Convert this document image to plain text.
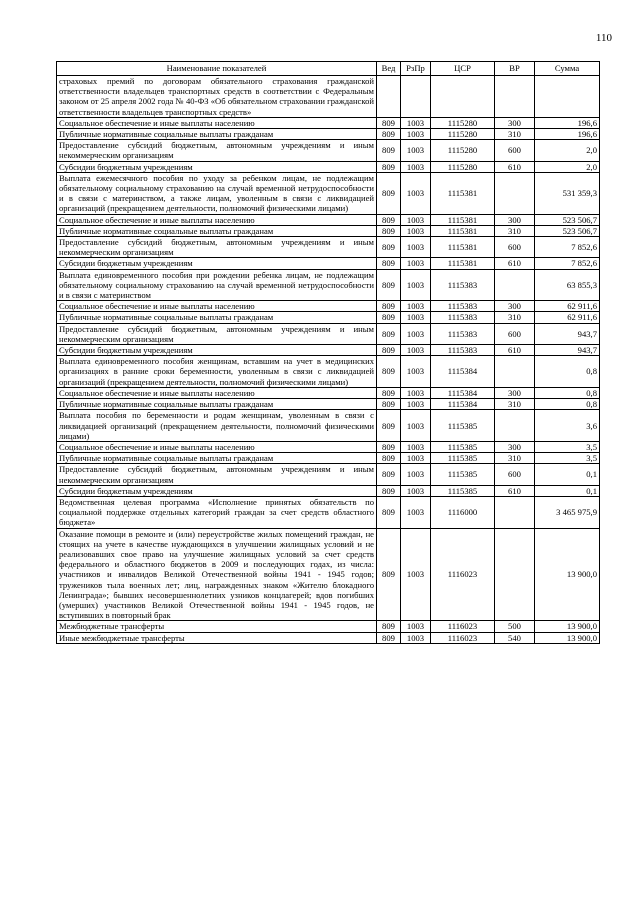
110
Наименование показателей	Вед	РзПр	ЦСР	ВР	Сумма
страховых премий по договорам обязательного страхования гражданской ответственности владельцев транспортных средств в соответствии с Федеральным законом от 25 апреля 2002 года № 40-ФЗ «Об обязательном страховании гражданской ответственности владельцев транспортных средств»					
Социальное обеспечение и иные выплаты населению	809	1003	1115280	300	196,6
Публичные нормативные социальные выплаты гражданам	809	1003	1115280	310	196,6
Предоставление субсидий бюджетным, автономным учреждениям и иным некоммерческим организациям	809	1003	1115280	600	2,0
Субсидии бюджетным учреждениям	809	1003	1115280	610	2,0
Выплата ежемесячного пособия по уходу за ребенком лицам, не подлежащим обязательному социальному страхованию на случай временной нетрудоспособности и в связи с материнством, а также лицам, уволенным в связи с ликвидацией организаций (прекращением деятельности, полномочий физическими лицами)	809	1003	1115381		531 359,3
Социальное обеспечение и иные выплаты населению	809	1003	1115381	300	523 506,7
Публичные нормативные социальные выплаты гражданам	809	1003	1115381	310	523 506,7
Предоставление субсидий бюджетным, автономным учреждениям и иным некоммерческим организациям	809	1003	1115381	600	7 852,6
Субсидии бюджетным учреждениям	809	1003	1115381	610	7 852,6
Выплата единовременного пособия при рождении ребенка лицам, не подлежащим обязательному социальному страхованию на случай временной нетрудоспособности и в связи с материнством	809	1003	1115383		63 855,3
Социальное обеспечение и иные выплаты населению	809	1003	1115383	300	62 911,6
Публичные нормативные социальные выплаты гражданам	809	1003	1115383	310	62 911,6
Предоставление субсидий бюджетным, автономным учреждениям и иным некоммерческим организациям	809	1003	1115383	600	943,7
Субсидии бюджетным учреждениям	809	1003	1115383	610	943,7
Выплата единовременного пособия женщинам, вставшим на учет в медицинских организациях в ранние сроки беременности, уволенным в связи с ликвидацией организаций (прекращением деятельности, полномочий физическими лицами)	809	1003	1115384		0,8
Социальное обеспечение и иные выплаты населению	809	1003	1115384	300	0,8
Публичные нормативные социальные выплаты гражданам	809	1003	1115384	310	0,8
Выплата пособия по беременности и родам женщинам, уволенным в связи с ликвидацией организаций (прекращением деятельности, полномочий физическими лицами)	809	1003	1115385		3,6
Социальное обеспечение и иные выплаты населению	809	1003	1115385	300	3,5
Публичные нормативные социальные выплаты гражданам	809	1003	1115385	310	3,5
Предоставление субсидий бюджетным, автономным учреждениям и иным некоммерческим организациям	809	1003	1115385	600	0,1
Субсидии бюджетным учреждениям	809	1003	1115385	610	0,1
Ведомственная целевая программа «Исполнение принятых обязательств по социальной поддержке отдельных категорий граждан за счет средств областного бюджета»	809	1003	1116000		3 465 975,9
Оказание помощи в ремонте и (или) переустройстве жилых помещений граждан, не стоящих на учете в качестве нуждающихся в улучшении жилищных условий и не реализовавших свое право на улучшение жилищных условий за счет средств федерального и областного бюджетов в 2009 и последующих годах, из числа: участников и инвалидов Великой Отечественной войны 1941 - 1945 годов; тружеников тыла военных лет; лиц, награжденных знаком «Жителю блокадного Ленинграда»; бывших несовершеннолетних узников концлагерей; вдов погибших (умерших) участников Великой Отечественной войны 1941 - 1945 годов, не вступивших в повторный брак	809	1003	1116023		13 900,0
Межбюджетные трансферты	809	1003	1116023	500	13 900,0
Иные межбюджетные трансферты	809	1003	1116023	540	13 900,0
